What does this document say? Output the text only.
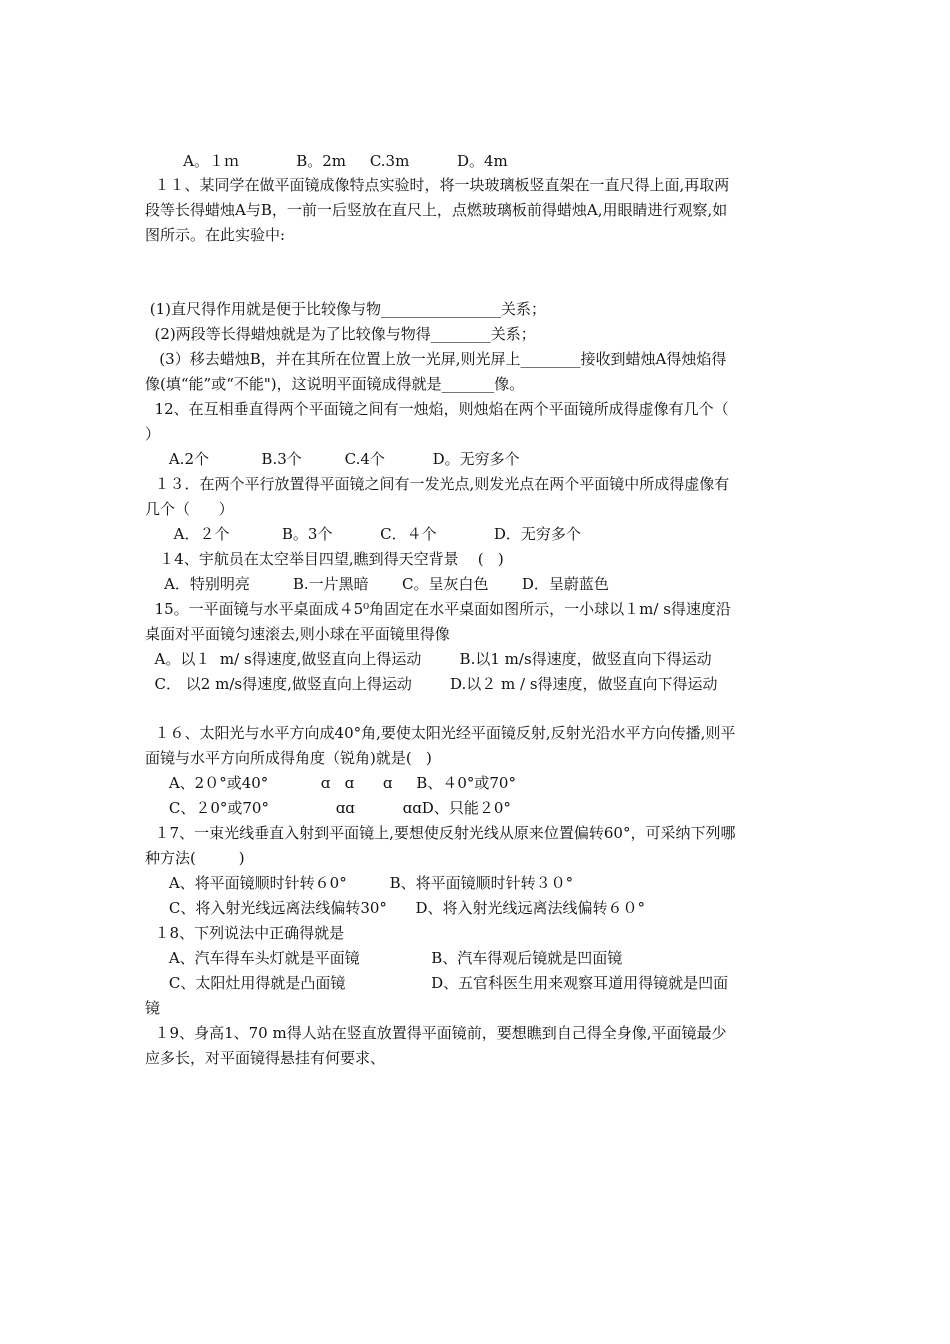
A。１ｍ            B。2m     C.3m          D。4m
１１、某同学在做平面镜成像特点实验时，将一块玻璃板竖直架在一直尺得上面,再取两
段等长得蜡烛A与B，一前一后竖放在直尺上，点燃玻璃板前得蜡烛A,用眼睛进行观察,如
图所示。在此实验中:
(1)直尺得作用就是便于比较像与物________________关系；
(2)两段等长得蜡烛就是为了比较像与物得________关系；
(3）移去蜡烛B，并在其所在位置上放一光屏,则光屏上________接收到蜡烛A得烛焰得
像(填“能”或“不能")，这说明平面镜成得就是_______像。
12、在互相垂直得两个平面镜之间有一烛焰，则烛焰在两个平面镜所成得虚像有几个（
）
A.2个           B.3个         C.4个          D。无穷多个
１３．在两个平行放置得平面镜之间有一发光点,则发光点在两个平面镜中所成得虚像有
几个（      ）
A．２个           B。3个          C．４个            D．无穷多个
１4、宇航员在太空举目四望,瞧到得天空背景    (   )
A．特别明亮         B.一片黑暗       C。呈灰白色       D．呈蔚蓝色
15。一平面镜与水平桌面成４5⁰角固定在水平桌面如图所示，一小球以１m/ s得速度沿
桌面对平面镜匀速滚去,则小球在平面镜里得像
A。以１  m/ s得速度,做竖直向上得运动        B.以1 m/s得速度，做竖直向下得运动
C． 以2 m/s得速度,做竖直向上得运动        D.以２ m / s得速度，做竖直向下得运动
１６、太阳光与水平方向成40°角,要使太阳光经平面镜反射,反射光沿水平方向传播,则平
面镜与水平方向所成得角度（锐角)就是(   )
A、2０°或40°           ɑ   ɑ      ɑ     B、４0°或70°
C、２0°或70°              ɑɑ          ɑɑD、只能２0°
１7、一束光线垂直入射到平面镜上,要想使反射光线从原来位置偏转60°，可采纳下列哪
种方法(         )
A、将平面镜顺时针转６0°         B、将平面镜顺时针转３０°
C、将入射光线远离法线偏转30°      D、将入射光线远离法线偏转６０°
１8、下列说法中正确得就是
A、汽车得车头灯就是平面镜               B、汽车得观后镜就是凹面镜
C、太阳灶用得就是凸面镜                  D、五官科医生用来观察耳道用得镜就是凹面
镜
１9、身高1、70 m得人站在竖直放置得平面镜前，要想瞧到自己得全身像,平面镜最少
应多长，对平面镜得悬挂有何要求、
